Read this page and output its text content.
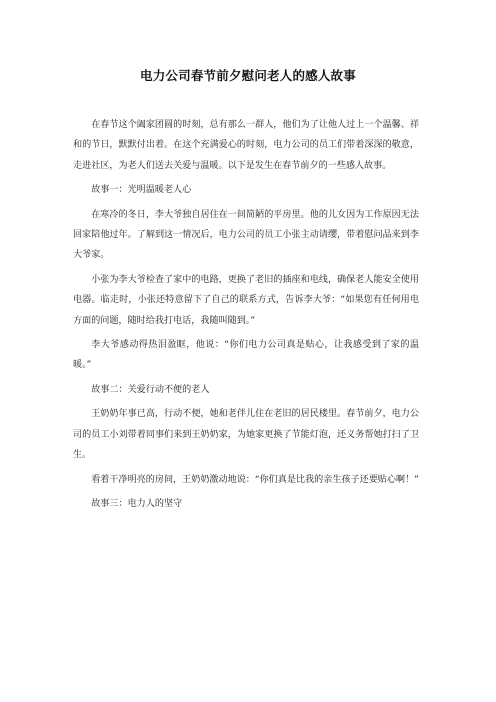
电力公司春节前夕慰问老人的感人故事

在春节这个阖家团圆的时刻，总有那么一群人，他们为了让他人过上一个温馨、祥和的节日，默默付出着。在这个充满爱心的时刻，电力公司的员工们带着深深的敬意，走进社区，为老人们送去关爱与温暖。以下是发生在春节前夕的一些感人故事。

故事一：光明温暖老人心

在寒冷的冬日，李大爷独自居住在一间简陋的平房里。他的儿女因为工作原因无法回家陪他过年。了解到这一情况后，电力公司的员工小张主动请缨，带着慰问品来到李大爷家。

小张为李大爷检查了家中的电路，更换了老旧的插座和电线，确保老人能安全使用电器。临走时，小张还特意留下了自己的联系方式，告诉李大爷：“如果您有任何用电方面的问题，随时给我打电话，我随叫随到。”

李大爷感动得热泪盈眶，他说：“你们电力公司真是贴心，让我感受到了家的温暖。”

故事二：关爱行动不便的老人

王奶奶年事已高，行动不便，她和老伴儿住在老旧的居民楼里。春节前夕，电力公司的员工小刘带着同事们来到王奶奶家，为她家更换了节能灯泡，还义务帮她打扫了卫生。

看着干净明亮的房间，王奶奶激动地说：“你们真是比我的亲生孩子还要贴心啊！”

故事三：电力人的坚守
